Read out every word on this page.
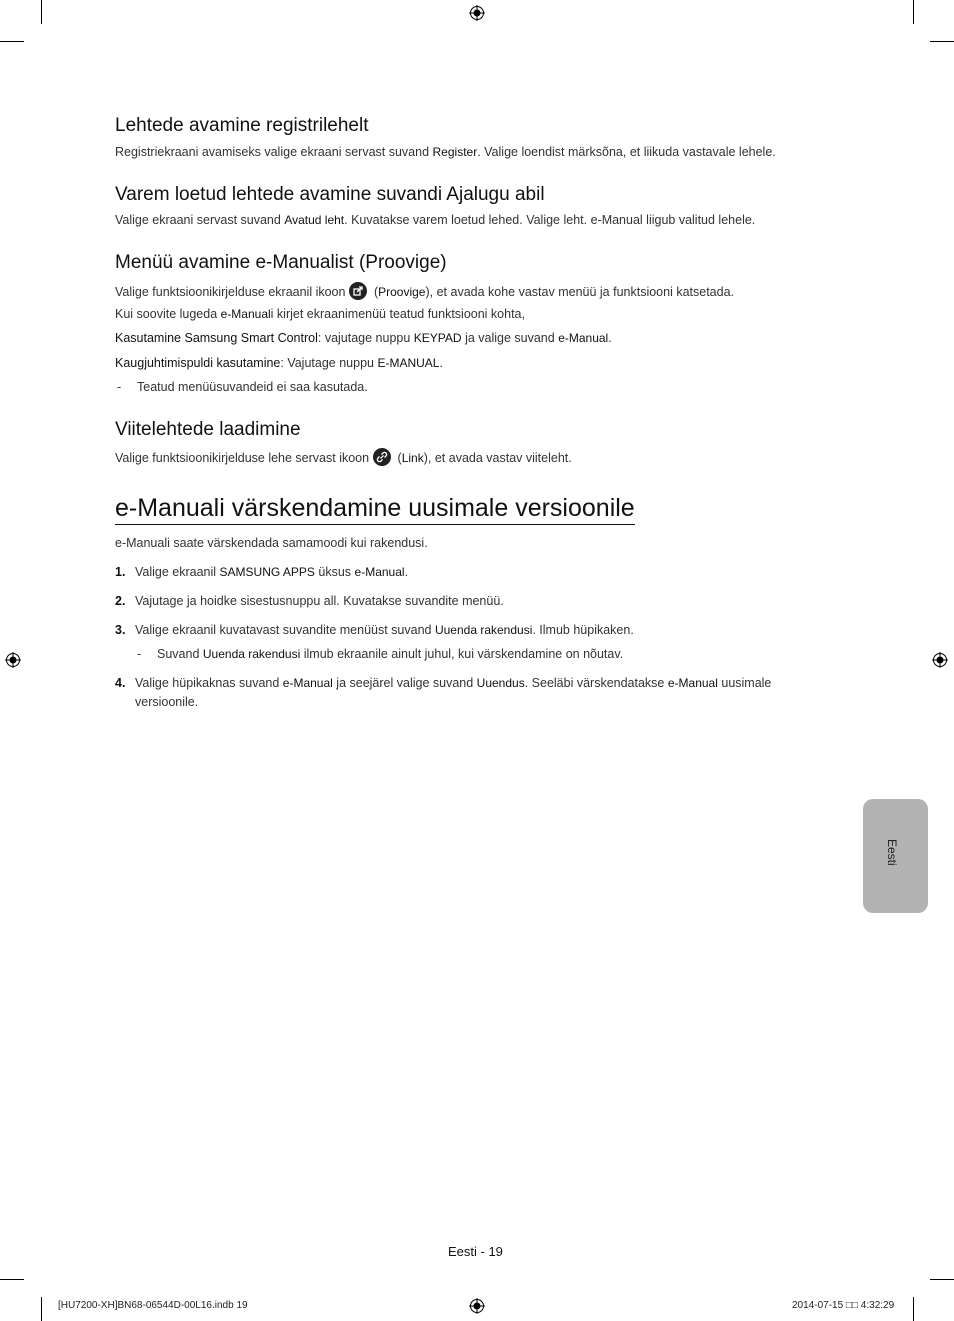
Lehtede avamine registrilehelt

Registriekraani avamiseks valige ekraani servast suvand Register. Valige loendist märksõna, et liikuda vastavale lehele.

Varem loetud lehtede avamine suvandi Ajalugu abil

Valige ekraani servast suvand Avatud leht. Kuvatakse varem loetud lehed. Valige leht. e-Manual liigub valitud lehele.

Menüü avamine e-Manualist (Proovige)

Valige funktsioonikirjelduse ekraanil ikoon
(Proovige), et avada kohe vastav menüü ja funktsiooni katsetada.

Kui soovite lugeda e-Manuali kirjet ekraanimenüü teatud funktsiooni kohta,

Kasutamine Samsung Smart Control: vajutage nuppu KEYPAD ja valige suvand e-Manual.

Kaugjuhtimispuldi kasutamine: Vajutage nuppu E-MANUAL.

- Teatud menüüsuvandeid ei saa kasutada.

Viitelehtede laadimine

Valige funktsioonikirjelduse lehe servast ikoon
(Link), et avada vastav viiteleht.

e-Manuali värskendamine uusimale versioonile

e-Manuali saate värskendada samamoodi kui rakendusi.

1. Valige ekraanil SAMSUNG APPS üksus e-Manual.

2. Vajutage ja hoidke sisestusnuppu all. Kuvatakse suvandite menüü.

3. Valige ekraanil kuvatavast suvandite menüüst suvand Uuenda rakendusi. Ilmub hüpikaken.

- Suvand Uuenda rakendusi ilmub ekraanile ainult juhul, kui värskendamine on nõutav.

4. Valige hüpikaknas suvand e-Manual ja seejärel valige suvand Uuendus. Seeläbi värskendatakse e-Manual uusimale

versioonile.

Eesti
Eesti - 19
[HU7200-XH]BN68-06544D-00L16.indb 19	2014-07-15 □□ 4:32:29
